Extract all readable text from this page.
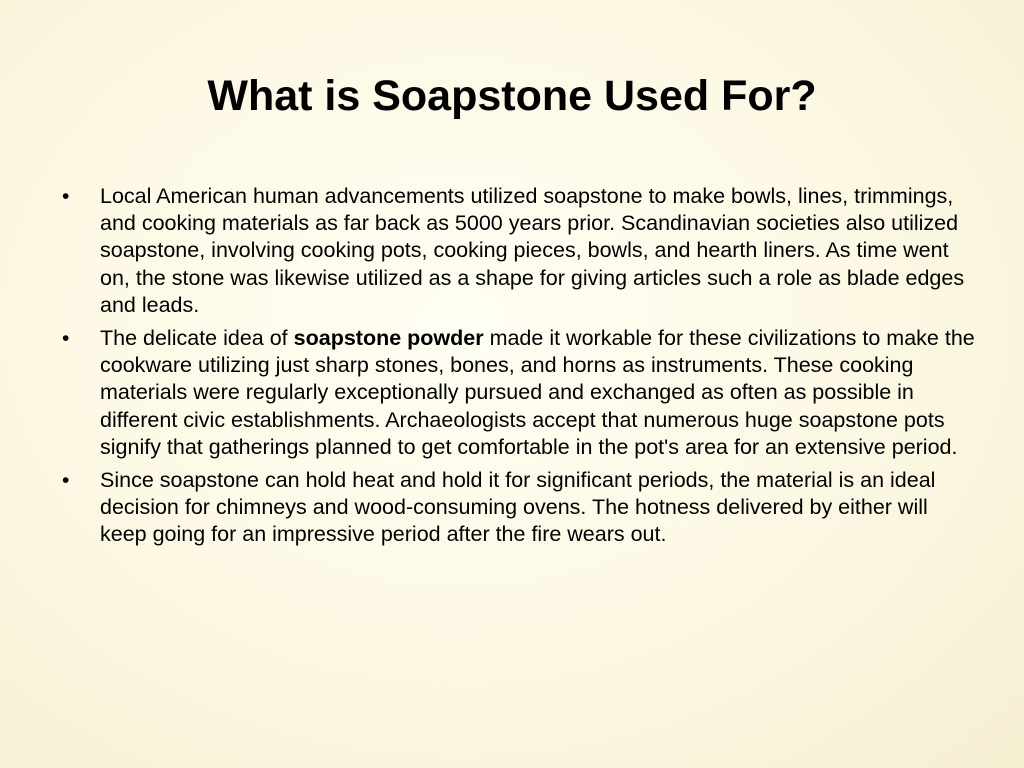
What is Soapstone Used For?
• Local American human advancements utilized soapstone to make bowls, lines, trimmings, and cooking materials as far back as 5000 years prior. Scandinavian societies also utilized soapstone, involving cooking pots, cooking pieces, bowls, and hearth liners. As time went on, the stone was likewise utilized as a shape for giving articles such a role as blade edges and leads.
• The delicate idea of soapstone powder made it workable for these civilizations to make the cookware utilizing just sharp stones, bones, and horns as instruments. These cooking materials were regularly exceptionally pursued and exchanged as often as possible in different civic establishments. Archaeologists accept that numerous huge soapstone pots signify that gatherings planned to get comfortable in the pot's area for an extensive period.
• Since soapstone can hold heat and hold it for significant periods, the material is an ideal decision for chimneys and wood-consuming ovens. The hotness delivered by either will keep going for an impressive period after the fire wears out.
